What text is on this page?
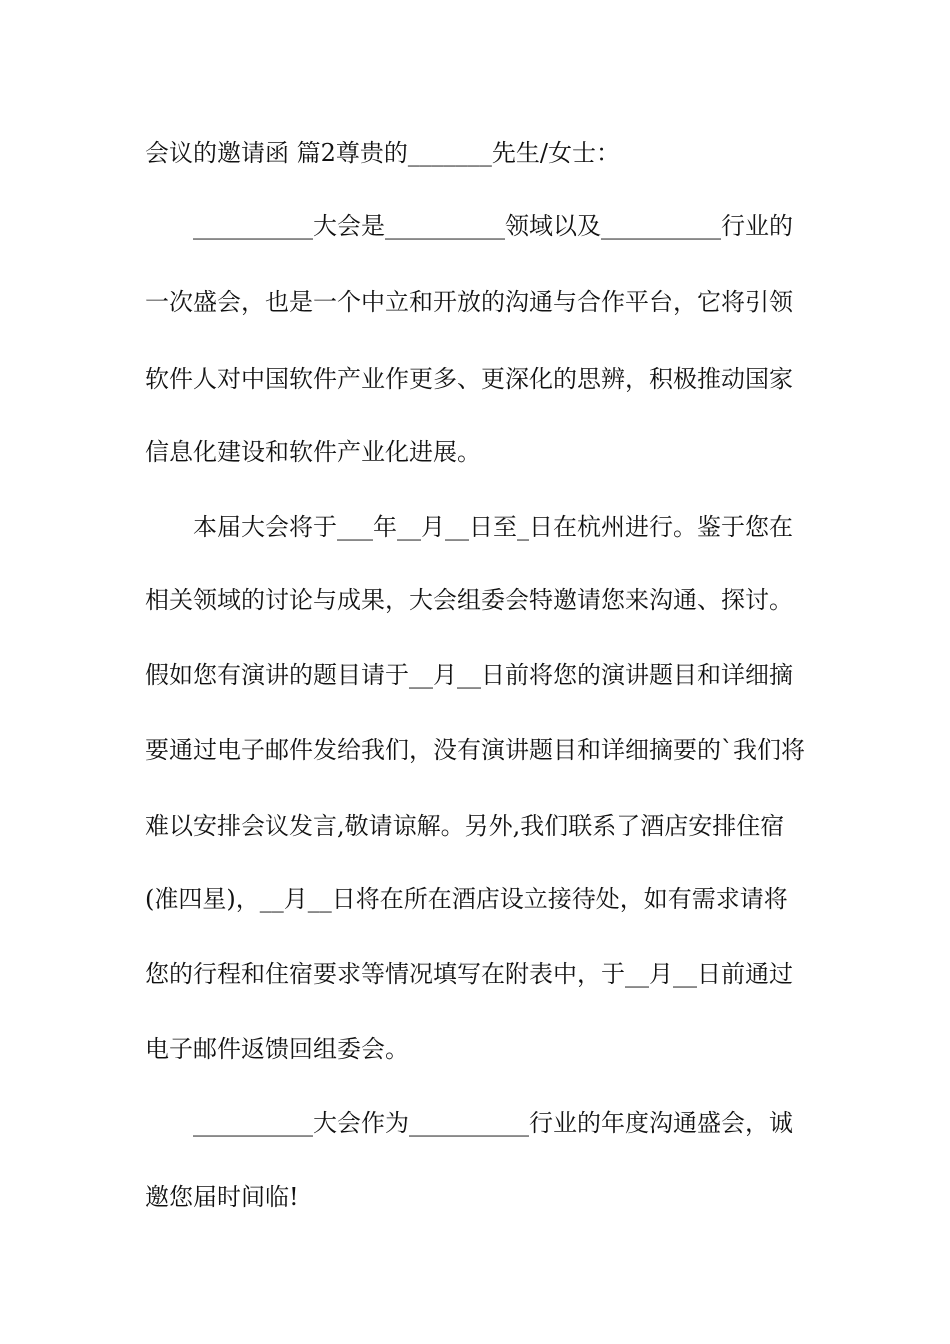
会议的邀请函 篇2尊贵的_______先生/女士：
__________大会是__________领域以及__________行业的
一次盛会，也是一个中立和开放的沟通与合作平台，它将引领
软件人对中国软件产业作更多、更深化的思辨，积极推动国家
信息化建设和软件产业化进展。
本届大会将于___年__月__日至_日在杭州进行。鉴于您在
相关领域的讨论与成果，大会组委会特邀请您来沟通、探讨。
假如您有演讲的题目请于__月__日前将您的演讲题目和详细摘
要通过电子邮件发给我们，没有演讲题目和详细摘要的`我们将
难以安排会议发言,敬请谅解。另外,我们联系了酒店安排住宿
(准四星)，__月__日将在所在酒店设立接待处，如有需求请将
您的行程和住宿要求等情况填写在附表中，于__月__日前通过
电子邮件返馈回组委会。
__________大会作为__________行业的年度沟通盛会，诚
邀您届时间临!
